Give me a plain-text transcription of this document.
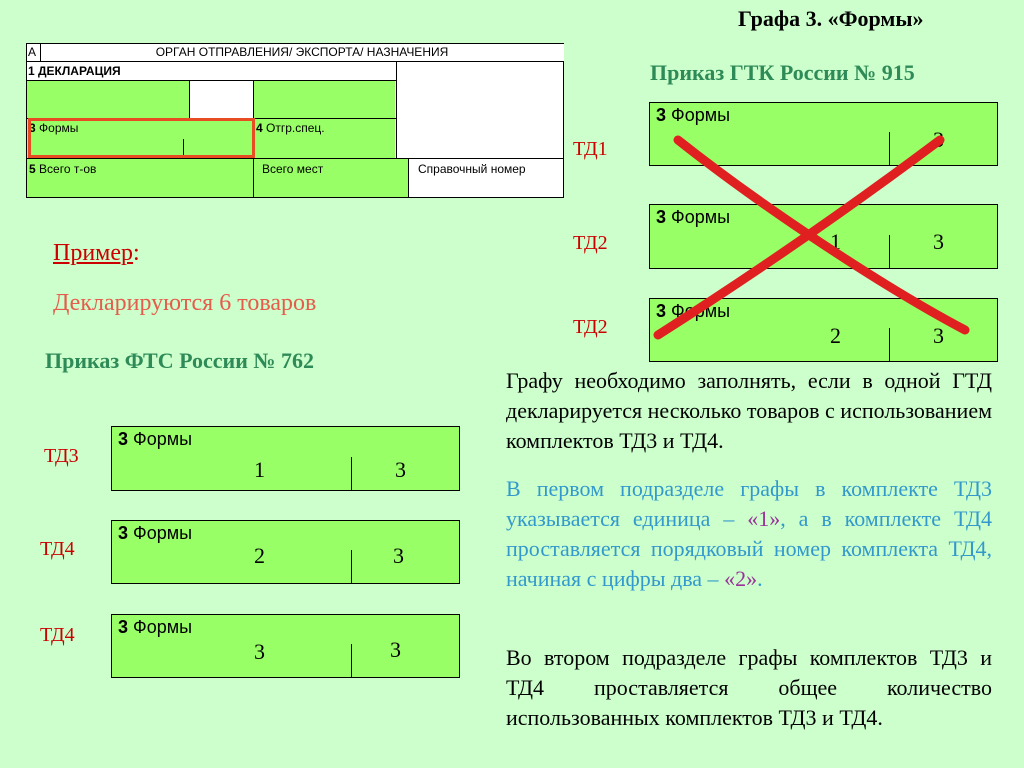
Графа 3. «Формы»
А	ОРГАН ОТПРАВЛЕНИЯ/ ЭКСПОРТА/ НАЗНАЧЕНИЯ
1 ДЕКЛАРАЦИЯ
3 Формы	4 Отгр.спец.
5 Всего т-ов	Всего мест	Справочный номер
Пример:
Декларируются 6 товаров
Приказ ФТС России № 762
Приказ ГТК России № 915
ТД3
3 Формы
1	3
ТД4
3 Формы
2	3
ТД4 3 Формы
3	3
ТД1
3 Формы
3
ТД2
3 Формы
1	3
ТД2
3 Формы
2	3
Графу необходимо заполнять, если в одной ГТД декларируется несколько товаров с использованием комплектов ТД3 и ТД4.
В первом подразделе графы в комплекте ТД3 указывается единица – «1», а в комплекте ТД4 проставляется порядковый номер комплекта ТД4, начиная с цифры два – «2».
Во втором подразделе графы комплектов ТД3 и ТД4 проставляется общее количество использованных комплектов ТД3 и ТД4.
